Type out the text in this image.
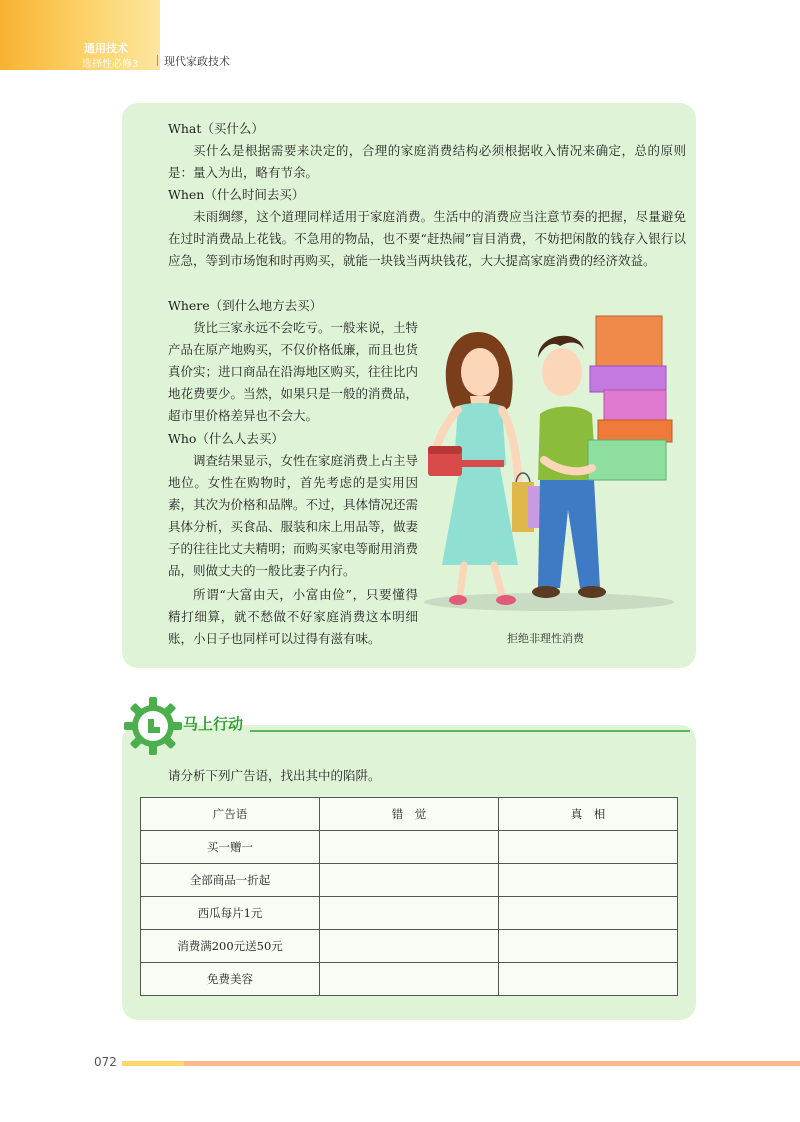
通用技术
选择性必修3 现代家政技术

What（买什么）

买什么是根据需要来决定的，合理的家庭消费结构必须根据收入情况来确定，总的原则是：量入为出，略有节余。

When（什么时间去买）

未雨绸缪，这个道理同样适用于家庭消费。生活中的消费应当注意节奏的把握，尽量避免在过时消费品上花钱。不急用的物品，也不要“赶热闹”盲目消费，不妨把闲散的钱存入银行以应急，等到市场饱和时再购买，就能一块钱当两块钱花，大大提高家庭消费的经济效益。

Where（到什么地方去买）

货比三家永远不会吃亏。一般来说，土特产品在原产地购买，不仅价格低廉，而且也货真价实；进口商品在沿海地区购买，往往比内地花费要少。当然，如果只是一般的消费品，超市里价格差异也不会大。

Who（什么人去买）

调查结果显示，女性在家庭消费上占主导地位。女性在购物时，首先考虑的是实用因素，其次为价格和品牌。不过，具体情况还需具体分析，买食品、服装和床上用品等，做妻子的往往比丈夫精明；而购买家电等耐用消费品，则做丈夫的一般比妻子内行。

所谓“大富由天，小富由俭”，只要懂得精打细算，就不愁做不好家庭消费这本明细账，小日子也同样可以过得有滋有味。	拒绝非理性消费
马上行动

请分析下列广告语，找出其中的陷阱。

广告语	错　觉	真　相
买一赠一		
全部商品一折起		
西瓜每片1元		
消费满200元送50元		
免费美容		
072
